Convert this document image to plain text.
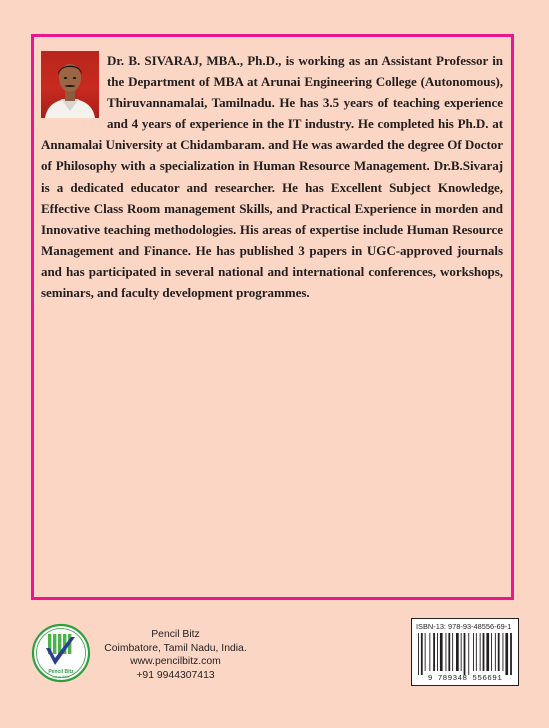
Dr. B. SIVARAJ, MBA., Ph.D., is working as an Assistant Professor in the Department of MBA at Arunai Engineering College (Autonomous), Thiruvannamalai, Tamilnadu. He has 3.5 years of teaching experience and 4 years of experience in the IT industry. He completed his Ph.D. at Annamalai University at Chidambaram. and He was awarded the degree Of Doctor of Philosophy with a specialization in Human Resource Management. Dr.B.Sivaraj is a dedicated educator and researcher. He has Excellent Subject Knowledge, Effective Class Room management Skills, and Practical Experience in morden and Innovative teaching methodologies. His areas of expertise include Human Resource Management and Finance. He has published 3 papers in UGC-approved journals and has participated in several national and international conferences, workshops, seminars, and faculty development programmes.

Pencil Bitz
Let us Write
Pencil Bitz
Coimbatore, Tamil Nadu, India.
www.pencilbitz.com
+91 9944307413
ISBN-13: 978-93-48556-69-1
9 789348 556691
